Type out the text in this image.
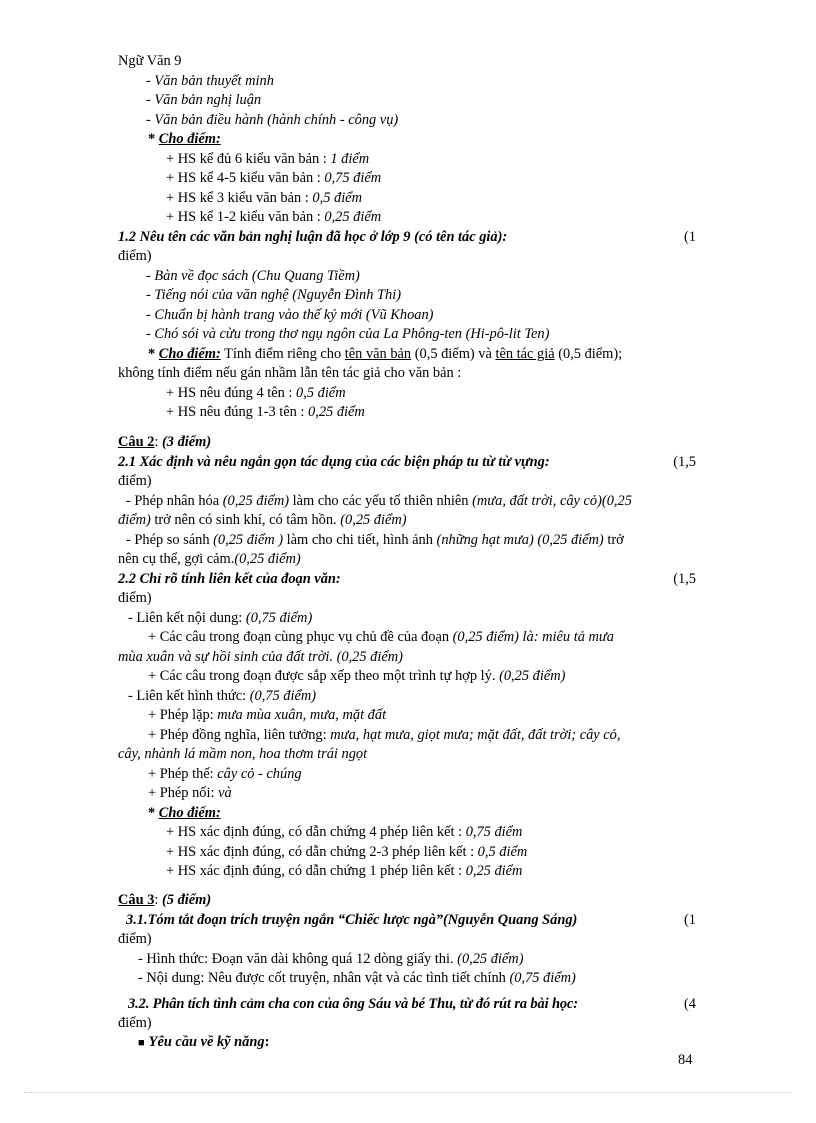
Ngữ Văn 9
- Văn bản thuyết minh
- Văn bản nghị luận
- Văn bản điều hành (hành chính - công vụ)
* Cho điểm:
+ HS kể đủ 6 kiểu văn bản : 1 điểm
+ HS kể 4-5 kiểu văn bản : 0,75 điểm
+ HS kể 3 kiểu văn bản : 0,5 điểm
+ HS kể 1-2 kiểu văn bản : 0,25 điểm
1.2 Nêu tên các văn bản nghị luận đã học ở lớp 9 (có tên tác giả):	(1
điểm)
- Bàn về đọc sách (Chu Quang Tiềm)
- Tiếng nói của văn nghệ (Nguyễn Đình Thi)
- Chuẩn bị hành trang vào thế kỷ mới (Vũ Khoan)
- Chó sói và cừu trong thơ ngụ ngôn của La Phông-ten (Hi-pô-lit Ten)
* Cho điểm: Tính điểm riêng cho tên văn bản (0,5 điểm) và tên tác giả (0,5 điểm);
không tính điểm nếu gán nhầm lẫn tên tác giả cho văn bản :
+ HS nêu đúng 4 tên : 0,5 điểm
+ HS nêu đúng 1-3 tên : 0,25 điểm
Câu 2: (3 điểm)
2.1 Xác định và nêu ngắn gọn tác dụng của các biện pháp tu từ từ vựng:	(1,5
điểm)
- Phép nhân hóa (0,25 điểm) làm cho các yếu tố thiên nhiên (mưa, đất trời, cây cỏ)(0,25
điểm) trở nên có sinh khí, có tâm hồn. (0,25 điểm)
- Phép so sánh (0,25 điểm ) làm cho chi tiết, hình ảnh (những hạt mưa) (0,25 điểm) trở
nên cụ thể, gợi cảm.(0,25 điểm)
2.2 Chỉ rõ tính liên kết của đoạn văn:	(1,5
điểm)
- Liên kết nội dung: (0,75 điểm)
+ Các câu trong đoạn cùng phục vụ chủ đề của đoạn (0,25 điểm) là: miêu tả mưa
mùa xuân và sự hồi sinh của đất trời. (0,25 điểm)
+ Các câu trong đoạn được sắp xếp theo một trình tự hợp lý. (0,25 điểm)
- Liên kết hình thức: (0,75 điểm)
+ Phép lặp: mưa mùa xuân, mưa, mặt đất
+ Phép đồng nghĩa, liên tưởng: mưa, hạt mưa, giọt mưa; mặt đất, đất trời; cây cỏ,
cây, nhành lá mầm non, hoa thơm trái ngọt
+ Phép thế: cây cỏ - chúng
+ Phép nối: và
* Cho điểm:
+ HS xác định đúng, có dẫn chứng 4 phép liên kết : 0,75 điểm
+ HS xác định đúng, có dẫn chứng 2-3 phép liên kết : 0,5 điểm
+ HS xác định đúng, có dẫn chứng 1 phép liên kết : 0,25 điểm
Câu 3: (5 điểm)
3.1.Tóm tắt đoạn trích truyện ngắn “Chiếc lược ngà”(Nguyễn Quang Sáng)	(1
điểm)
- Hình thức: Đoạn văn dài không quá 12 dòng giấy thi. (0,25 điểm)
- Nội dung: Nêu được cốt truyện, nhân vật và các tình tiết chính (0,75 điểm)
3.2. Phân tích tình cảm cha con của ông Sáu và bé Thu, từ đó rút ra bài học:	(4
điểm)
■ Yêu cầu về kỹ năng:
84
